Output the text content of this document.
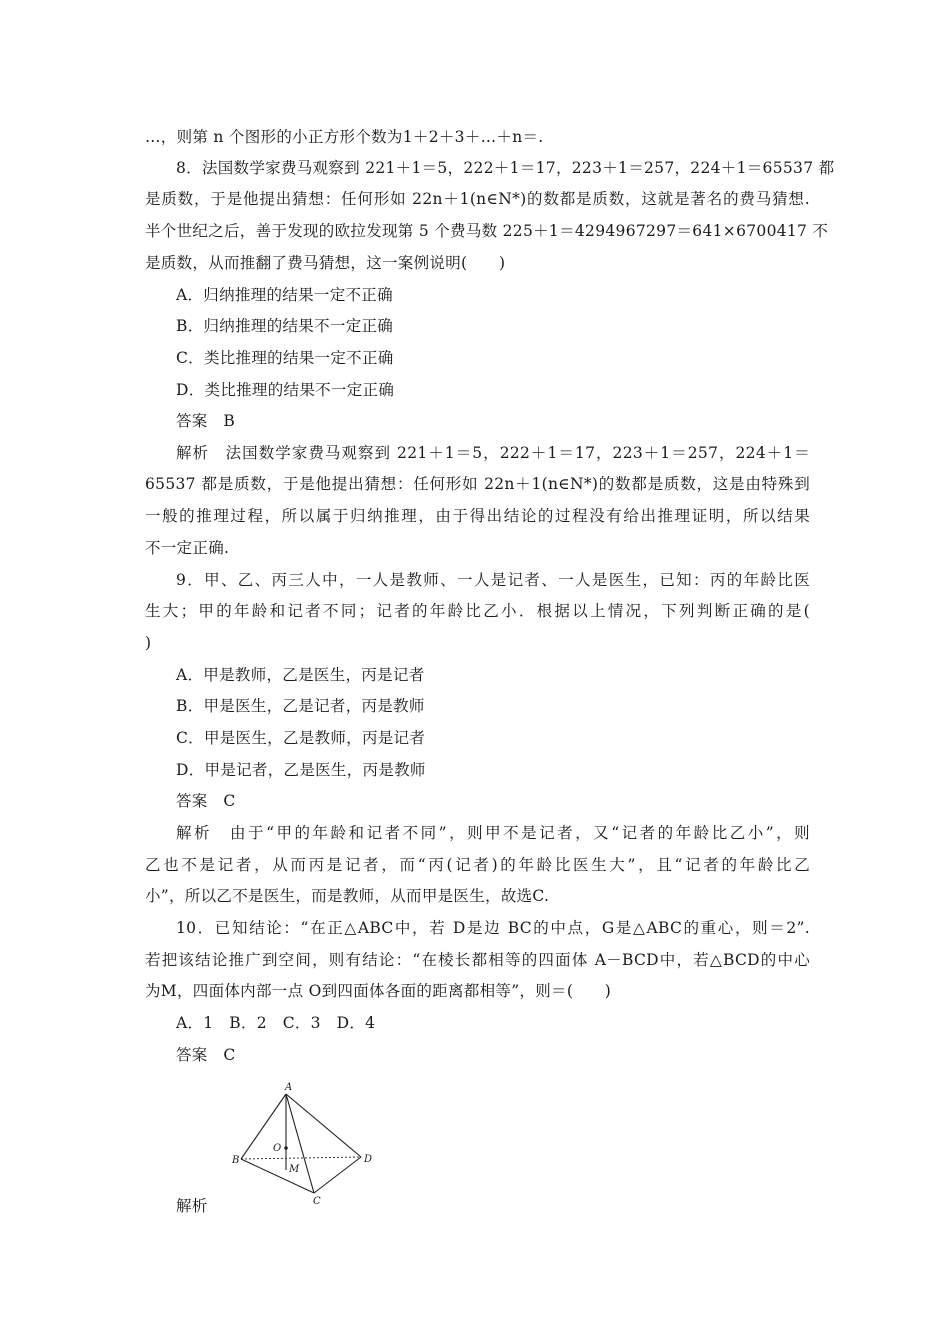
…，则第 n 个图形的小正方形个数为1＋2＋3＋…＋n＝.
8．法国数学家费马观察到 221＋1＝5，222＋1＝17，223＋1＝257，224＋1＝65537 都
是质数，于是他提出猜想：任何形如 22n＋1(n∈N*)的数都是质数，这就是著名的费马猜想.
半个世纪之后，善于发现的欧拉发现第 5 个费马数 225＋1＝4294967297＝641×6700417 不
是质数，从而推翻了费马猜想，这一案例说明(　　)
A．归纳推理的结果一定不正确
B．归纳推理的结果不一定正确
C．类比推理的结果一定不正确
D．类比推理的结果不一定正确
答案　B
解析　法国数学家费马观察到 221＋1＝5，222＋1＝17，223＋1＝257，224＋1＝
65537 都是质数，于是他提出猜想：任何形如 22n＋1(n∈N*)的数都是质数，这是由特殊到
一般的推理过程，所以属于归纳推理，由于得出结论的过程没有给出推理证明，所以结果
不一定正确.
9．甲、乙、丙三人中，一人是教师、一人是记者、一人是医生，已知：丙的年龄比医
生大；甲的年龄和记者不同；记者的年龄比乙小．根据以上情况，下列判断正确的是(
)
A．甲是教师，乙是医生，丙是记者
B．甲是医生，乙是记者，丙是教师
C．甲是医生，乙是教师，丙是记者
D．甲是记者，乙是医生，丙是教师
答案　C
解析　由于“甲的年龄和记者不同”，则甲不是记者，又“记者的年龄比乙小”，则
乙也不是记者，从而丙是记者，而“丙(记者)的年龄比医生大”，且“记者的年龄比乙
小”，所以乙不是医生，而是教师，从而甲是医生，故选C.
10．已知结论：“在正△ABC中，若 D是边 BC的中点，G是△ABC的重心，则＝2”.
若把该结论推广到空间，则有结论：“在棱长都相等的四面体 A－BCD中，若△BCD的中心
为M，四面体内部一点 O到四面体各面的距离都相等”，则＝(　　)
A．1　B．2　C．3　D．4
答案　C
A
B
C
D
O
M
解析
